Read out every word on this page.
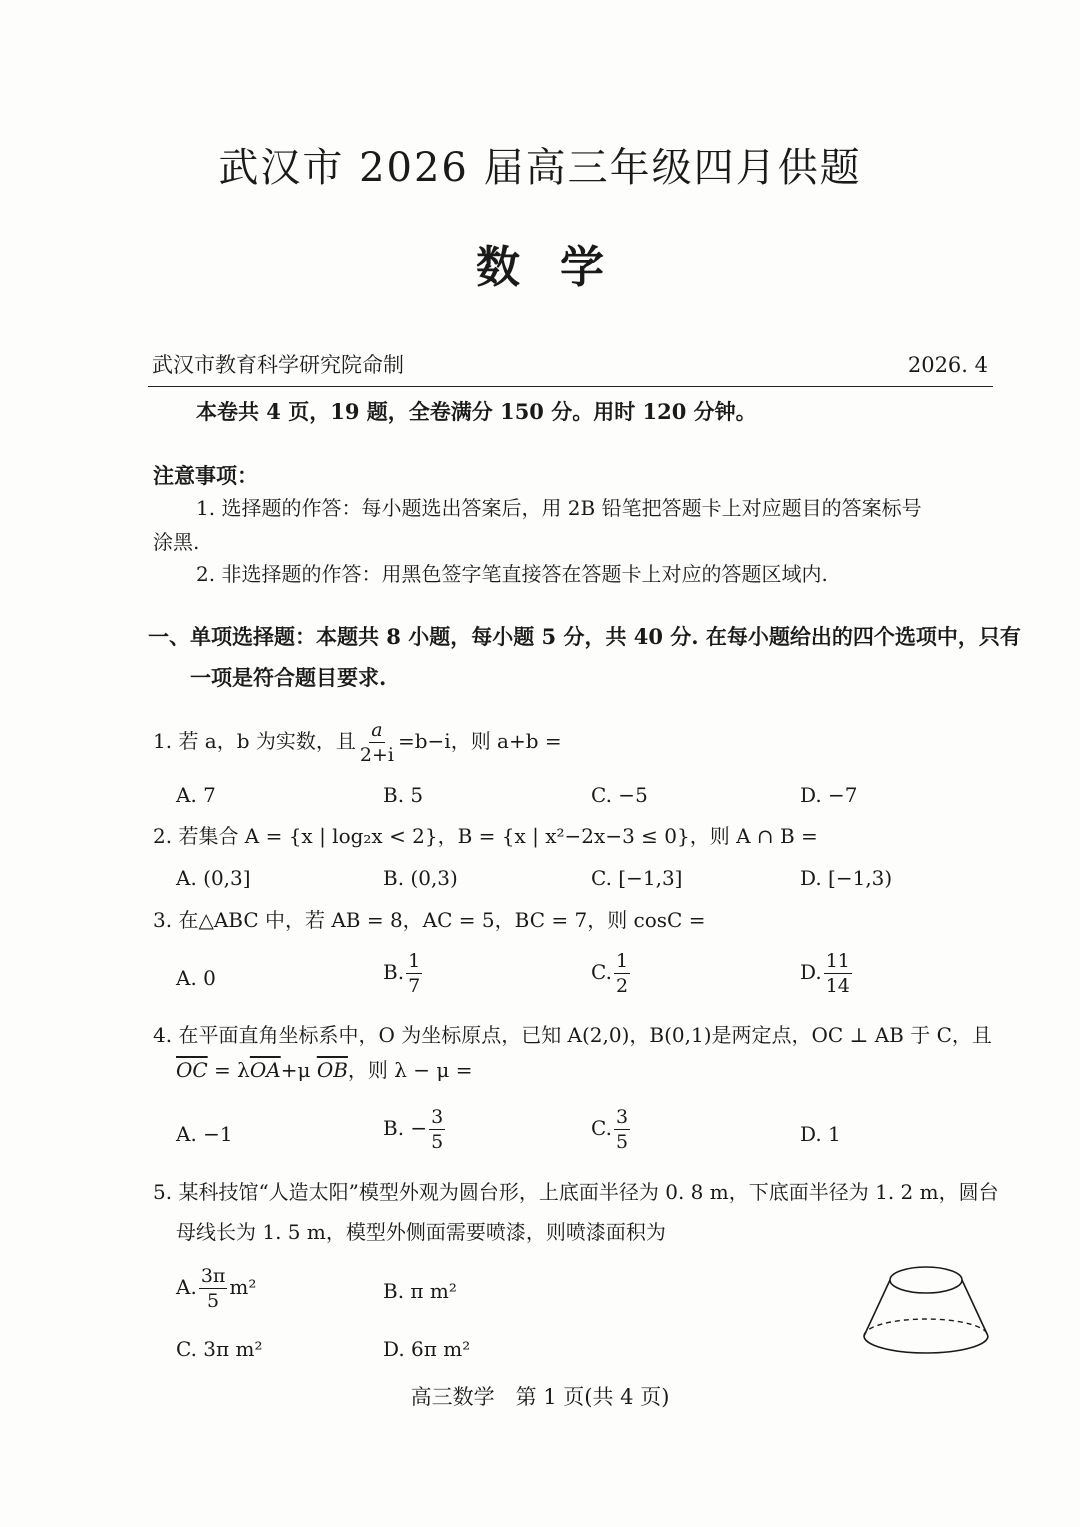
武汉市 2026 届高三年级四月供题
数学
武汉市教育科学研究院命制	2026. 4
本卷共 4 页，19 题，全卷满分 150 分。用时 120 分钟。
注意事项：
1. 选择题的作答：每小题选出答案后，用 2B 铅笔把答题卡上对应题目的答案标号
涂黑.
2. 非选择题的作答：用黑色签字笔直接答在答题卡上对应的答题区域内.
一、单项选择题：本题共 8 小题，每小题 5 分，共 40 分. 在每小题给出的四个选项中，只有
一项是符合题目要求.
1. 若 a，b 为实数，且 $\frac{a}{2+i} =b-i$，则 a+b =
A. 7	B. 5	C. −5	D. −7
2. 若集合 A = {x | log₂x < 2}，B = {x | x²−2x−3 ≤ 0}，则 A ∩ B =
A. (0,3]	B. (0,3)	C. [−1,3]	D. [−1,3)
3. 在△ABC 中，若 AB = 8，AC = 5，BC = 7，则 cosC =
A. 0	B. $\frac{1}{7}$	C. $\frac{1}{2}$	D. $\frac{11}{14}$
4. 在平面直角坐标系中，O 为坐标原点，已知 A(2,0)，B(0,1)是两定点，OC ⊥ AB 于 C，且
$\overline{OC} = \lambda\overline{OA}+\mu$ $\overline{OB}$，则 λ − μ =
A. −1	B. − $\frac{3}{5}$	C. $\frac{3}{5}$	D. 1
5. 某科技馆“人造太阳”模型外观为圆台形，上底面半径为 0. 8 m，下底面半径为 1. 2 m，圆台
母线长为 1. 5 m，模型外侧面需要喷漆，则喷漆面积为
A. $\frac{3\pi}{5} m^2$	B. π m²
C. 3π m²	D. 6π m²
高三数学　第 1 页(共 4 页)
